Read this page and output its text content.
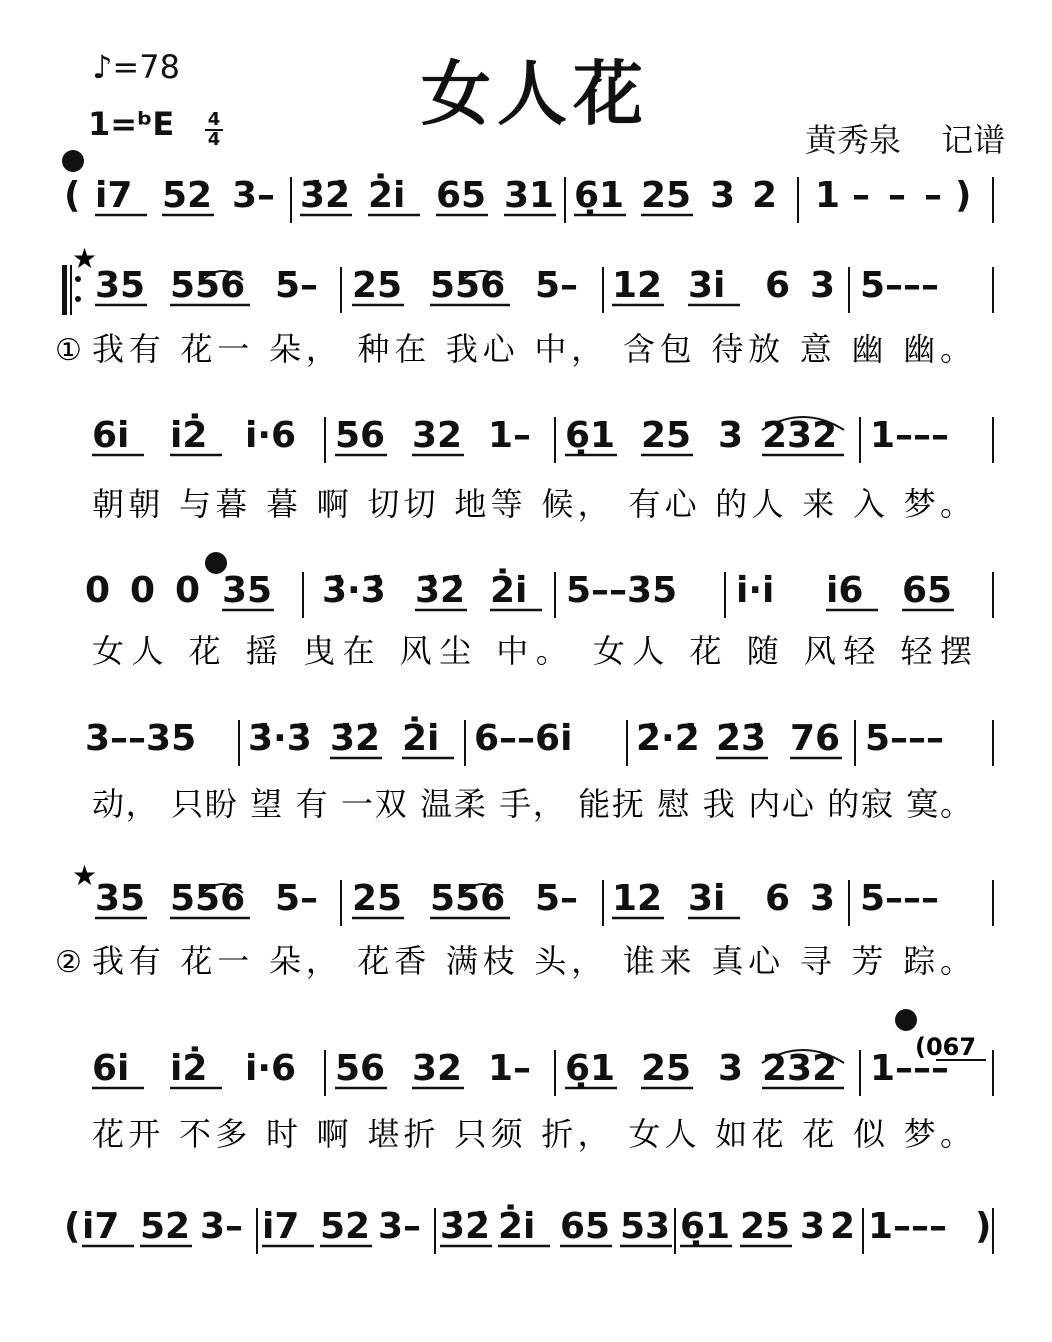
♪=78
1=ᵇE 4
4
女人花
黄秀泉 记谱
( i̇7 52 3– 3̇2̇ 2̇i̇ 65 31 6̣1 25 3 2 1 – – – )
35 556 5– 25 556 5– 12 3i̇ 6 3 5–––
① 我有 花一 朵， 种在 我心 中， 含包 待放 意 幽 幽。
6i̇ i̇2̇ i̇·6 56 32 1– 6̣1 25 3 232 1–––
朝朝 与暮 暮 啊 切切 地等 候， 有心 的人 来 入 梦。
0 0 0 35 3̇·3̇ 3̇2̇ 2̇i̇ 5––35 i̇·i̇ i̇6 65
女人 花 摇 曳在 风尘 中。 女人 花 随 风轻 轻摆
3––35 3̇·3̇ 3̇2̇ 2̇i̇ 6––6i̇ 2̇·2̇ 2̇3̇ 76 5–––
动， 只盼 望 有 一双 温柔 手， 能抚 慰 我 内心 的寂 寞。
35 556 5– 25 556 5– 12 3i̇ 6 3 5–––
② 我有 花一 朵， 花香 满枝 头， 谁来 真心 寻 芳 踪。
6i̇ i̇2̇ i̇·6 56 32 1– 6̣1 25 3 232 1–––
花开 不多 时 啊 堪折 只须 折， 女人 如花 花 似 梦。
( i̇7 52 3– i̇7 52 3– 3̇2̇ 2̇i̇ 65 53 6̣1 25 3 2 1––– )
★
★
(067
